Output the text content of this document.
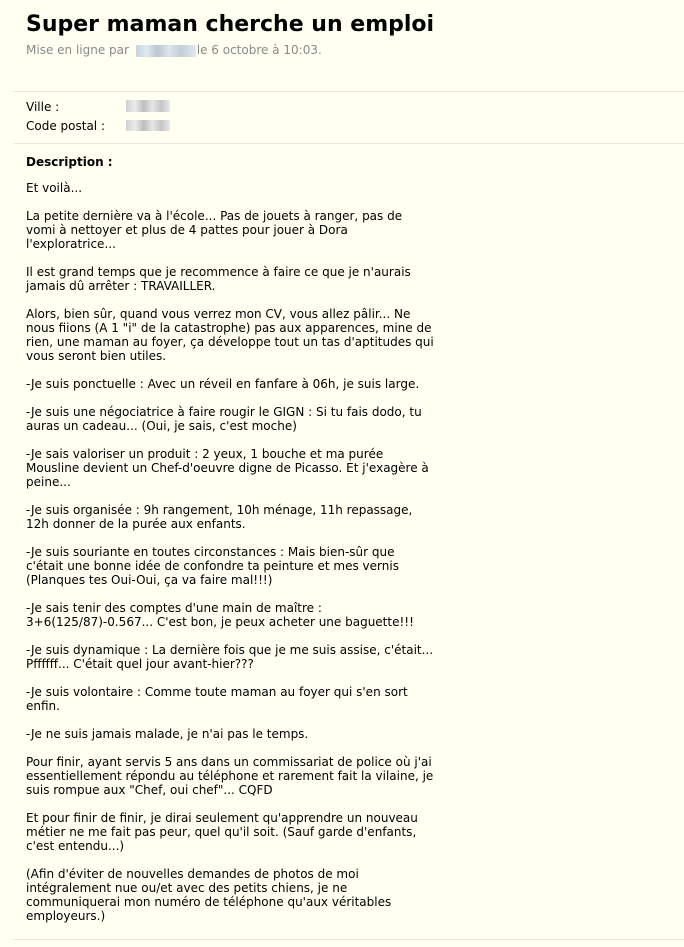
Super maman cherche un emploi
Mise en ligne par	le 6 octobre à 10:03.
Ville :
Code postal :
Description :

Et voilà...

La petite dernière va à l'école... Pas de jouets à ranger, pas de
vomi à nettoyer et plus de 4 pattes pour jouer à Dora
l'exploratrice...

Il est grand temps que je recommence à faire ce que je n'aurais
jamais dû arrêter : TRAVAILLER.

Alors, bien sûr, quand vous verrez mon CV, vous allez pâlir... Ne
nous fiions (A 1 "i" de la catastrophe) pas aux apparences, mine de
rien, une maman au foyer, ça développe tout un tas d'aptitudes qui
vous seront bien utiles.

-Je suis ponctuelle : Avec un réveil en fanfare à 06h, je suis large.

-Je suis une négociatrice à faire rougir le GIGN : Si tu fais dodo, tu
auras un cadeau... (Oui, je sais, c'est moche)

-Je sais valoriser un produit : 2 yeux, 1 bouche et ma purée
Mousline devient un Chef-d'oeuvre digne de Picasso. Et j'exagère à
peine...

-Je suis organisée : 9h rangement, 10h ménage, 11h repassage,
12h donner de la purée aux enfants.

-Je suis souriante en toutes circonstances : Mais bien-sûr que
c'était une bonne idée de confondre ta peinture et mes vernis
(Planques tes Oui-Oui, ça va faire mal!!!)

-Je sais tenir des comptes d'une main de maître :
3+6(125/87)-0.567... C'est bon, je peux acheter une baguette!!!

-Je suis dynamique : La dernière fois que je me suis assise, c'était...
Pffffff... C'était quel jour avant-hier???

-Je suis volontaire : Comme toute maman au foyer qui s'en sort
enfin.

-Je ne suis jamais malade, je n'ai pas le temps.

Pour finir, ayant servis 5 ans dans un commissariat de police où j'ai
essentiellement répondu au téléphone et rarement fait la vilaine, je
suis rompue aux "Chef, oui chef"... CQFD

Et pour finir de finir, je dirai seulement qu'apprendre un nouveau
métier ne me fait pas peur, quel qu'il soit. (Sauf garde d'enfants,
c'est entendu...)

(Afin d'éviter de nouvelles demandes de photos de moi
intégralement nue ou/et avec des petits chiens, je ne
communiquerai mon numéro de téléphone qu'aux véritables
employeurs.)
